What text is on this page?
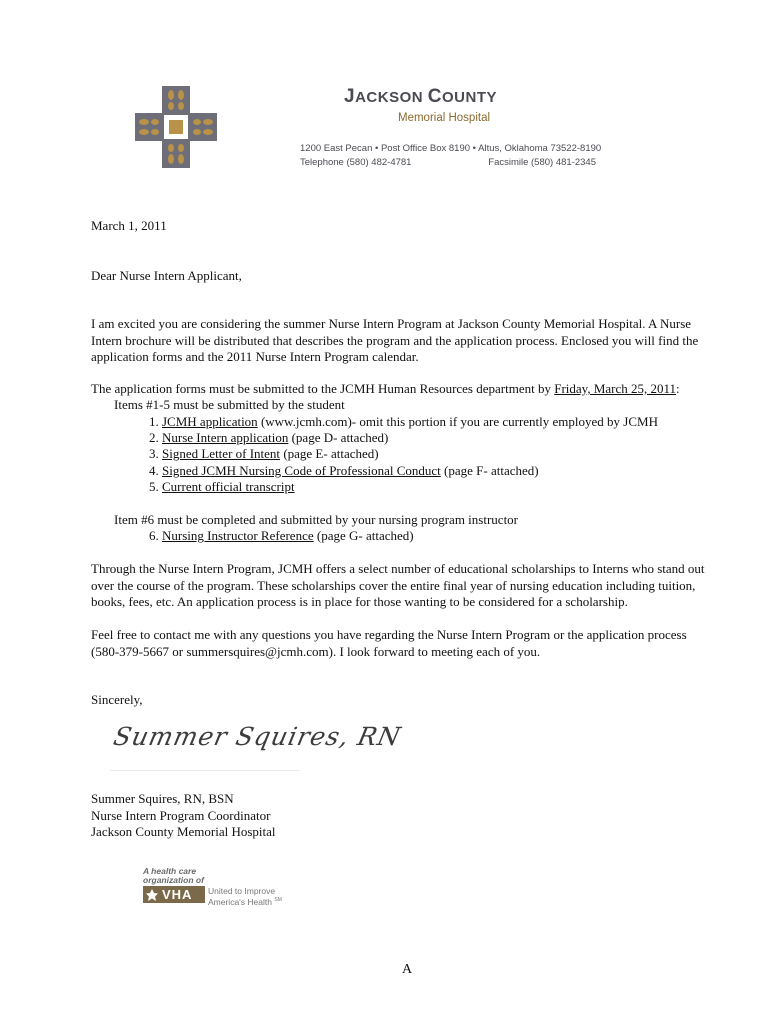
JACKSON COUNTY
Memorial Hospital
1200 East Pecan • Post Office Box 8190 • Altus, Oklahoma 73522-8190
Telephone (580) 482-4781	Facsimile (580) 481-2345
March 1, 2011
Dear Nurse Intern Applicant,
I am excited you are considering the summer Nurse Intern Program at Jackson County Memorial Hospital. A Nurse Intern brochure will be distributed that describes the program and the application process. Enclosed you will find the application forms and the 2011 Nurse Intern Program calendar.
The application forms must be submitted to the JCMH Human Resources department by Friday, March 25, 2011:
Items #1-5 must be submitted by the student
1. JCMH application (www.jcmh.com)- omit this portion if you are currently employed by JCMH
2. Nurse Intern application (page D- attached)
3. Signed Letter of Intent (page E- attached)
4. Signed JCMH Nursing Code of Professional Conduct (page F- attached)
5. Current official transcript
Item #6 must be completed and submitted by your nursing program instructor
6. Nursing Instructor Reference (page G- attached)
Through the Nurse Intern Program, JCMH offers a select number of educational scholarships to Interns who stand out over the course of the program. These scholarships cover the entire final year of nursing education including tuition, books, fees, etc. An application process is in place for those wanting to be considered for a scholarship.
Feel free to contact me with any questions you have regarding the Nurse Intern Program or the application process (580-379-5667 or summersquires@jcmh.com). I look forward to meeting each of you.
Sincerely,
Summer Squires, RN
Summer Squires, RN, BSN
Nurse Intern Program Coordinator
Jackson County Memorial Hospital
A health care
organization of
VHA United to Improve
America's Health ℠
A
